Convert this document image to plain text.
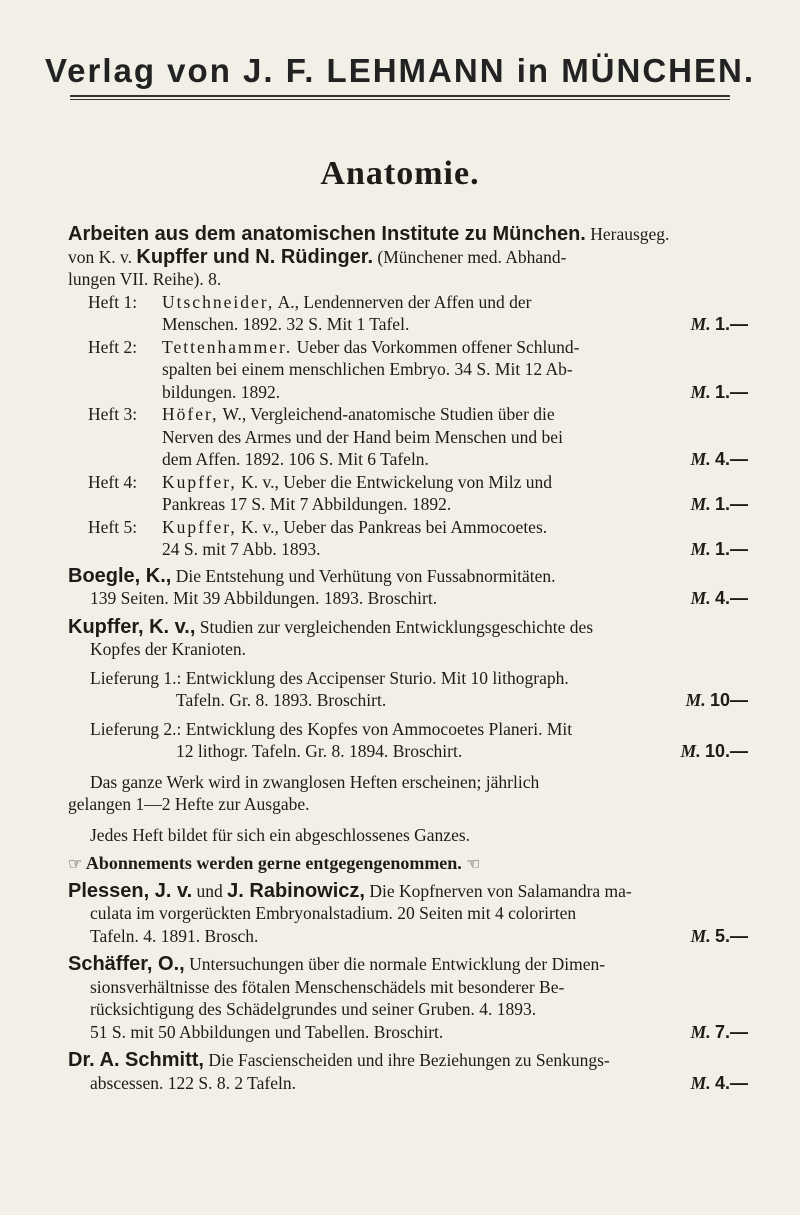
Verlag von J. F. LEHMANN in MÜNCHEN.
Anatomie.
Arbeiten aus dem anatomischen Institute zu München. Herausgeg.
von K. v. Kupffer und N. Rüdinger. (Münchener med. Abhand-
lungen VII. Reihe). 8.
Heft 1:	Utschneider, A., Lendennerven der Affen und der
Menschen. 1892. 32 S. Mit 1 Tafel.	M. 1.—
Heft 2:	Tettenhammer. Ueber das Vorkommen offener Schlund-
spalten bei einem menschlichen Embryo. 34 S. Mit 12 Ab-
bildungen. 1892.	M. 1.—
Heft 3:	Höfer, W., Vergleichend-anatomische Studien über die
Nerven des Armes und der Hand beim Menschen und bei
dem Affen. 1892. 106 S. Mit 6 Tafeln.	M. 4.—
Heft 4:	Kupffer, K. v., Ueber die Entwickelung von Milz und
Pankreas 17 S. Mit 7 Abbildungen. 1892.	M. 1.—
Heft 5:	Kupffer, K. v., Ueber das Pankreas bei Ammocoetes.
24 S. mit 7 Abb. 1893.	M. 1.—
Boegle, K., Die Entstehung und Verhütung von Fussabnormitäten.
139 Seiten. Mit 39 Abbildungen. 1893. Broschirt.	M. 4.—
Kupffer, K. v., Studien zur vergleichenden Entwicklungsgeschichte des
Kopfes der Kranioten.
Lieferung 1.: Entwicklung des Accipenser Sturio. Mit 10 lithograph.
Tafeln. Gr. 8. 1893. Broschirt.	M. 10—
Lieferung 2.: Entwicklung des Kopfes von Ammocoetes Planeri. Mit
12 lithogr. Tafeln. Gr. 8. 1894. Broschirt.	M. 10.—
Das ganze Werk wird in zwanglosen Heften erscheinen; jährlich
gelangen 1—2 Hefte zur Ausgabe.
Jedes Heft bildet für sich ein abgeschlossenes Ganzes.
☞ Abonnements werden gerne entgegengenommen. ☞
Plessen, J. v. und J. Rabinowicz, Die Kopfnerven von Salamandra ma-
culata im vorgerückten Embryonalstadium. 20 Seiten mit 4 colorirten
Tafeln. 4. 1891. Brosch.	M. 5.—
Schäffer, O., Untersuchungen über die normale Entwicklung der Dimen-
sionsverhältnisse des fötalen Menschenschädels mit besonderer Be-
rücksichtigung des Schädelgrundes und seiner Gruben. 4. 1893.
51 S. mit 50 Abbildungen und Tabellen. Broschirt.	M. 7.—
Dr. A. Schmitt, Die Fascienscheiden und ihre Beziehungen zu Senkungs-
abscessen. 122 S. 8. 2 Tafeln.	M. 4.—
